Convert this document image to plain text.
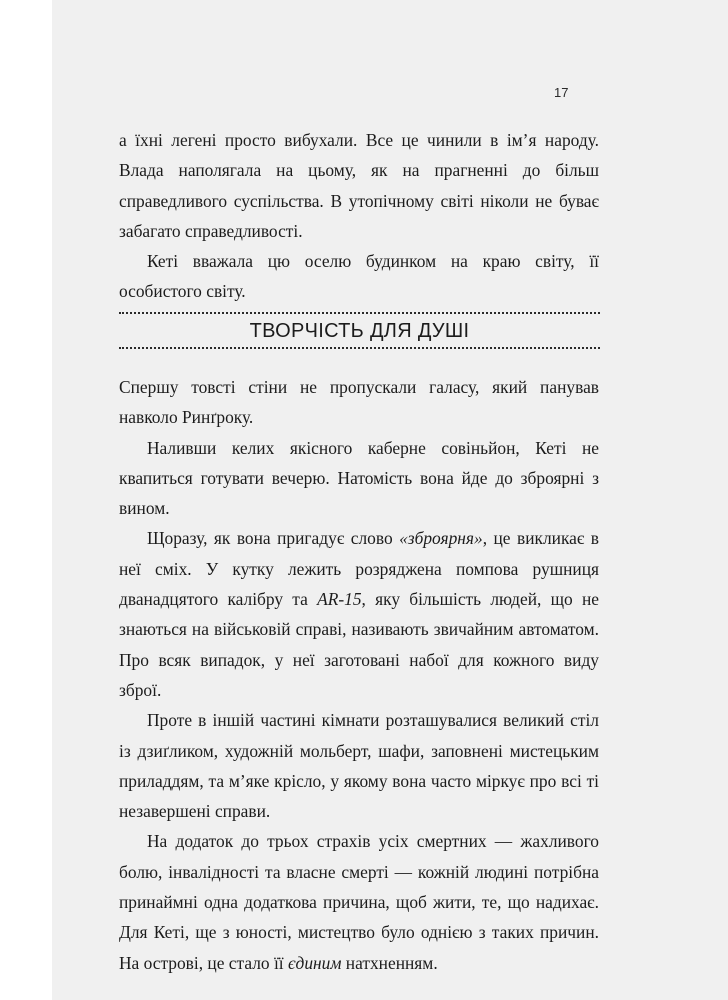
17

а їхні легені просто вибухали. Все це чинили в ім’я народу. Влада наполягала на цьому, як на прагненні до більш справедливого суспільства. В утопічному світі ніколи не буває забагато справедливості.

Кеті вважала цю оселю будинком на краю світу, її особистого світу.

ТВОРЧІСТЬ ДЛЯ ДУШІ

Спершу товсті стіни не пропускали галасу, який панував навколо Ринґроку.

Наливши келих якісного каберне совіньйон, Кеті не квапиться готувати вечерю. Натомість вона йде до зброярні з вином.

Щоразу, як вона пригадує слово «зброярня», це викликає в неї сміх. У кутку лежить розряджена помпова рушниця дванадцятого калібру та AR-15, яку більшість людей, що не знаються на військовій справі, називають звичайним автоматом. Про всяк випадок, у неї заготовані набої для кожного виду зброї.

Проте в іншій частині кімнати розташувалися великий стіл із дзиґликом, художній мольберт, шафи, заповнені мистецьким приладдям, та м’яке крісло, у якому вона часто міркує про всі ті незавершені справи.

На додаток до трьох страхів усіх смертних — жахливого болю, інвалідності та власне смерті — кожній людині потрібна принаймні одна додаткова причина, щоб жити, те, що надихає. Для Кеті, ще з юності, мистецтво було однією з таких причин. На острові, це стало її єдиним натхненням.
